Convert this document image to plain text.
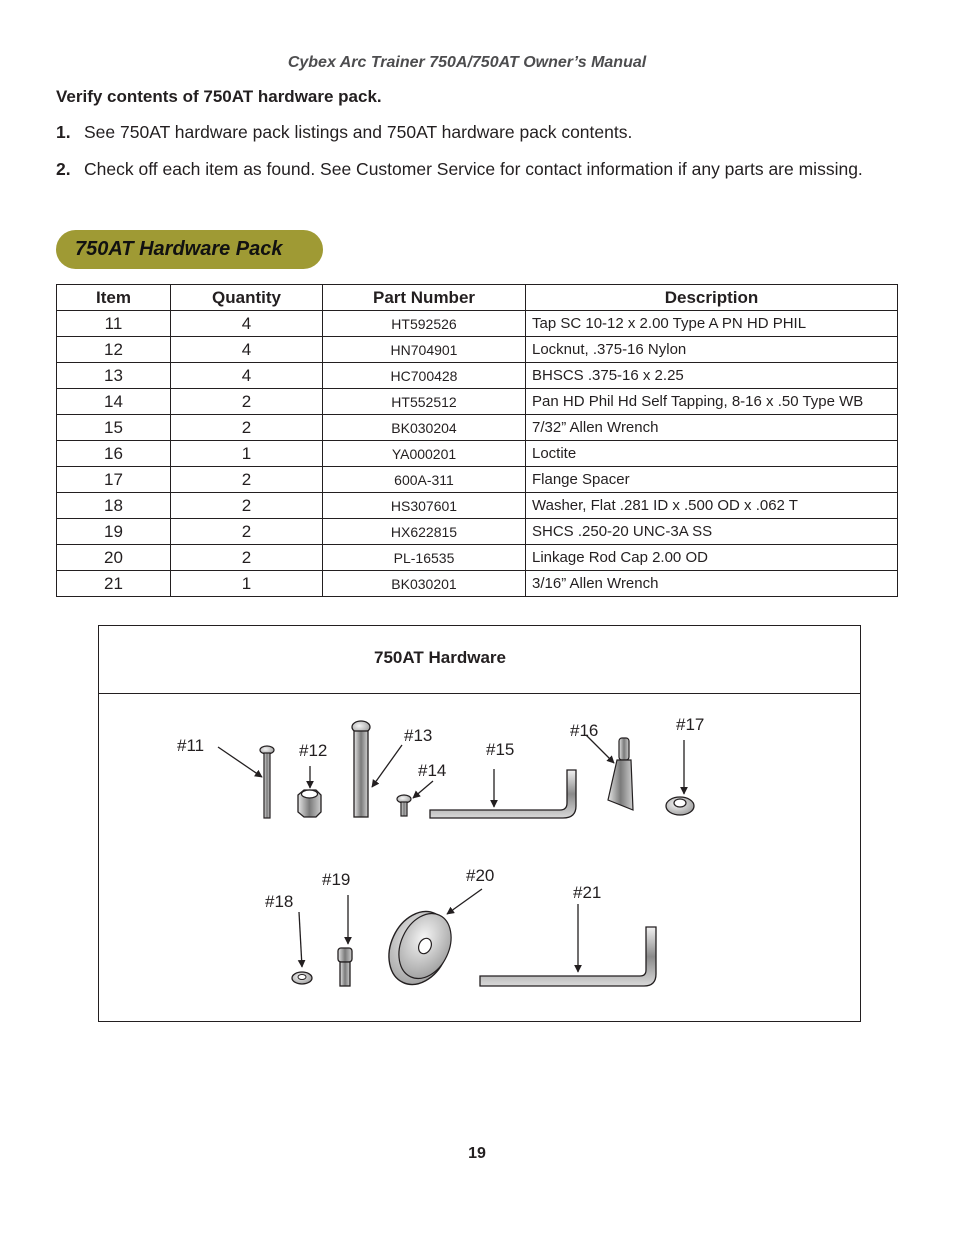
Cybex Arc Trainer 750A/750AT Owner’s Manual
Verify contents of 750AT hardware pack.
1. See 750AT hardware pack listings and 750AT hardware pack contents.
2. Check off each item as found. See Customer Service for contact information if any parts are missing.
750AT Hardware Pack
Item	Quantity	Part Number	Description
11	4	HT592526	Tap SC 10-12 x 2.00 Type A PN HD PHIL
12	4	HN704901	Locknut, .375-16 Nylon
13	4	HC700428	BHSCS .375-16 x 2.25
14	2	HT552512	Pan HD Phil Hd Self Tapping, 8-16 x .50 Type WB
15	2	BK030204	7/32” Allen Wrench
16	1	YA000201	Loctite
17	2	600A-311	Flange Spacer
18	2	HS307601	Washer, Flat .281 ID x .500 OD x .062 T
19	2	HX622815	SHCS .250-20 UNC-3A SS
20	2	PL-16535	Linkage Rod Cap 2.00 OD
21	1	BK030201	3/16” Allen Wrench
750AT Hardware
#11	#12
#13
#14
#15
#16	#17
#18
#19	#20
#21
19
